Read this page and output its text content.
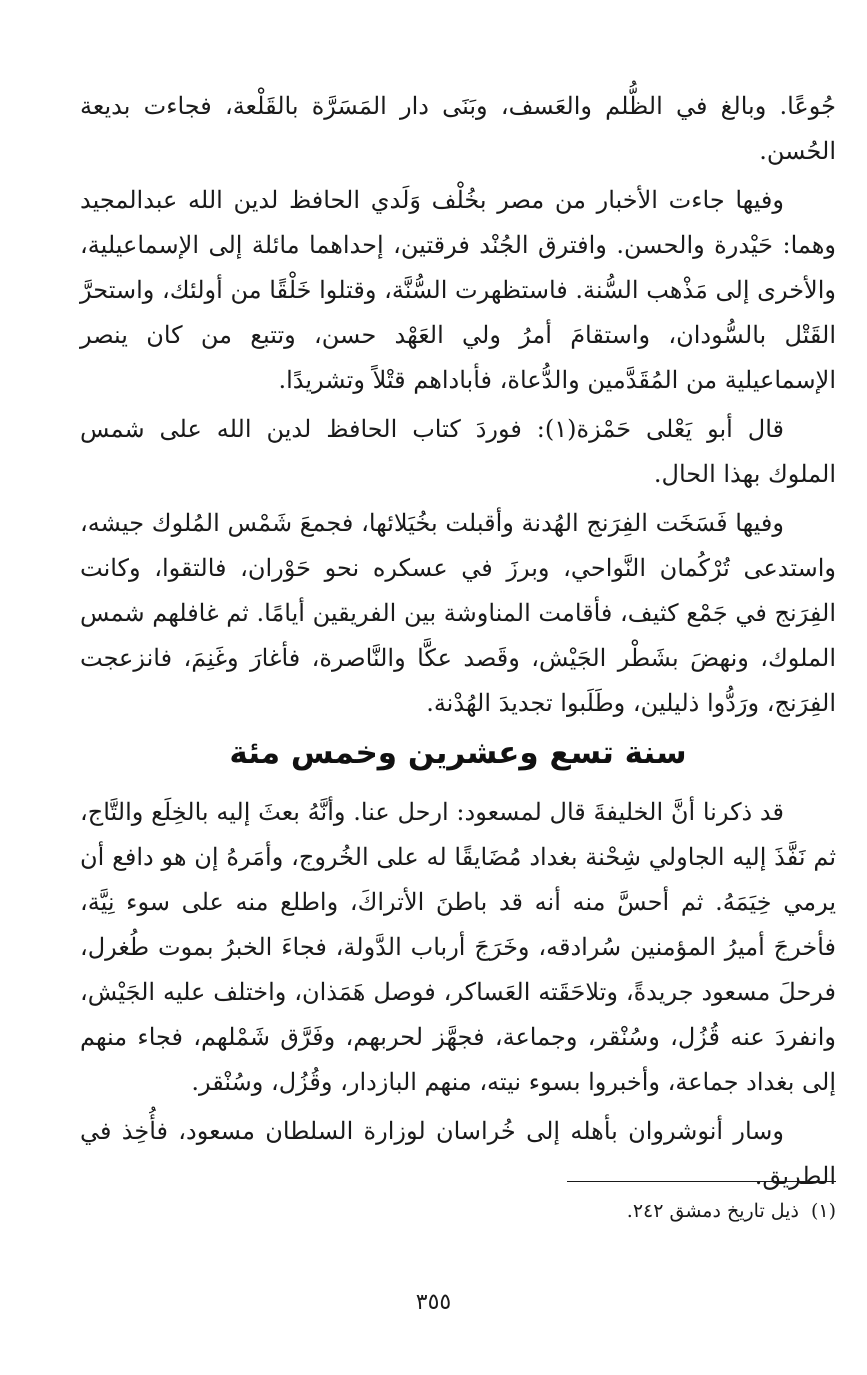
جُوعًا. وبالغ في الظُّلم والعَسف، وبَنَى دار المَسَرَّة بالقَلْعة، فجاءت بديعة الحُسن.

وفيها جاءت الأخبار من مصر بخُلْف وَلَدي الحافظ لدين الله عبدالمجيد وهما: حَيْدرة والحسن. وافترق الجُنْد فرقتين، إحداهما مائلة إلى الإسماعيلية، والأخرى إلى مَذْهب السُّنة. فاستظهرت السُّنَّة، وقتلوا خَلْقًا من أولئك، واستحرَّ القَتْل بالسُّودان، واستقامَ أمرُ ولي العَهْد حسن، وتتبع من كان ينصر الإسماعيلية من المُقَدَّمين والدُّعاة، فأباداهم قتْلاً وتشريدًا.

قال أبو يَعْلى حَمْزة(١): فوردَ كتاب الحافظ لدين الله على شمس الملوك بهذا الحال.

وفيها فَسَخَت الفِرَنج الهُدنة وأقبلت بخُيَلائها، فجمعَ شَمْس المُلوك جيشه، واستدعى تُرْكُمان النَّواحي، وبرزَ في عسكره نحو حَوْران، فالتقوا، وكانت الفِرَنج في جَمْع كثيف، فأقامت المناوشة بين الفريقين أيامًا. ثم غافلهم شمس الملوك، ونهضَ بشَطْر الجَيْش، وقَصد عكَّا والنَّاصرة، فأغارَ وغَنِمَ، فانزعجت الفِرَنج، ورَدُّوا ذليلين، وطَلَبوا تجديدَ الهُدْنة.

سنة تسع وعشرين وخمس مئة

قد ذكرنا أنَّ الخليفةَ قال لمسعود: ارحل عنا. وأنَّهُ بعثَ إليه بالخِلَع والتَّاج، ثم نَفَّذَ إليه الجاولي شِحْنة بغداد مُضَايقًا له على الخُروج، وأمَرهُ إن هو دافع أن يرمي خِيَمَهُ. ثم أحسَّ منه أنه قد باطنَ الأتراكَ، واطلع منه على سوء نِيَّة، فأخرجَ أميرُ المؤمنين سُرادقه، وخَرَجَ أرباب الدَّولة، فجاءَ الخبرُ بموت طُغرل، فرحلَ مسعود جريدةً، وتلاحَقَته العَساكر، فوصل هَمَذان، واختلف عليه الجَيْش، وانفردَ عنه قُزُل، وسُنْقر، وجماعة، فجهَّز لحربهم، وفَرَّق شَمْلهم، فجاء منهم إلى بغداد جماعة، وأخبروا بسوء نيته، منهم البازدار، وقُزُل، وسُنْقر.

وسار أنوشروان بأهله إلى خُراسان لوزارة السلطان مسعود، فأُخِذ في الطريق.

(١)ذيل تاريخ دمشق ٢٤٢.
٣٥٥
